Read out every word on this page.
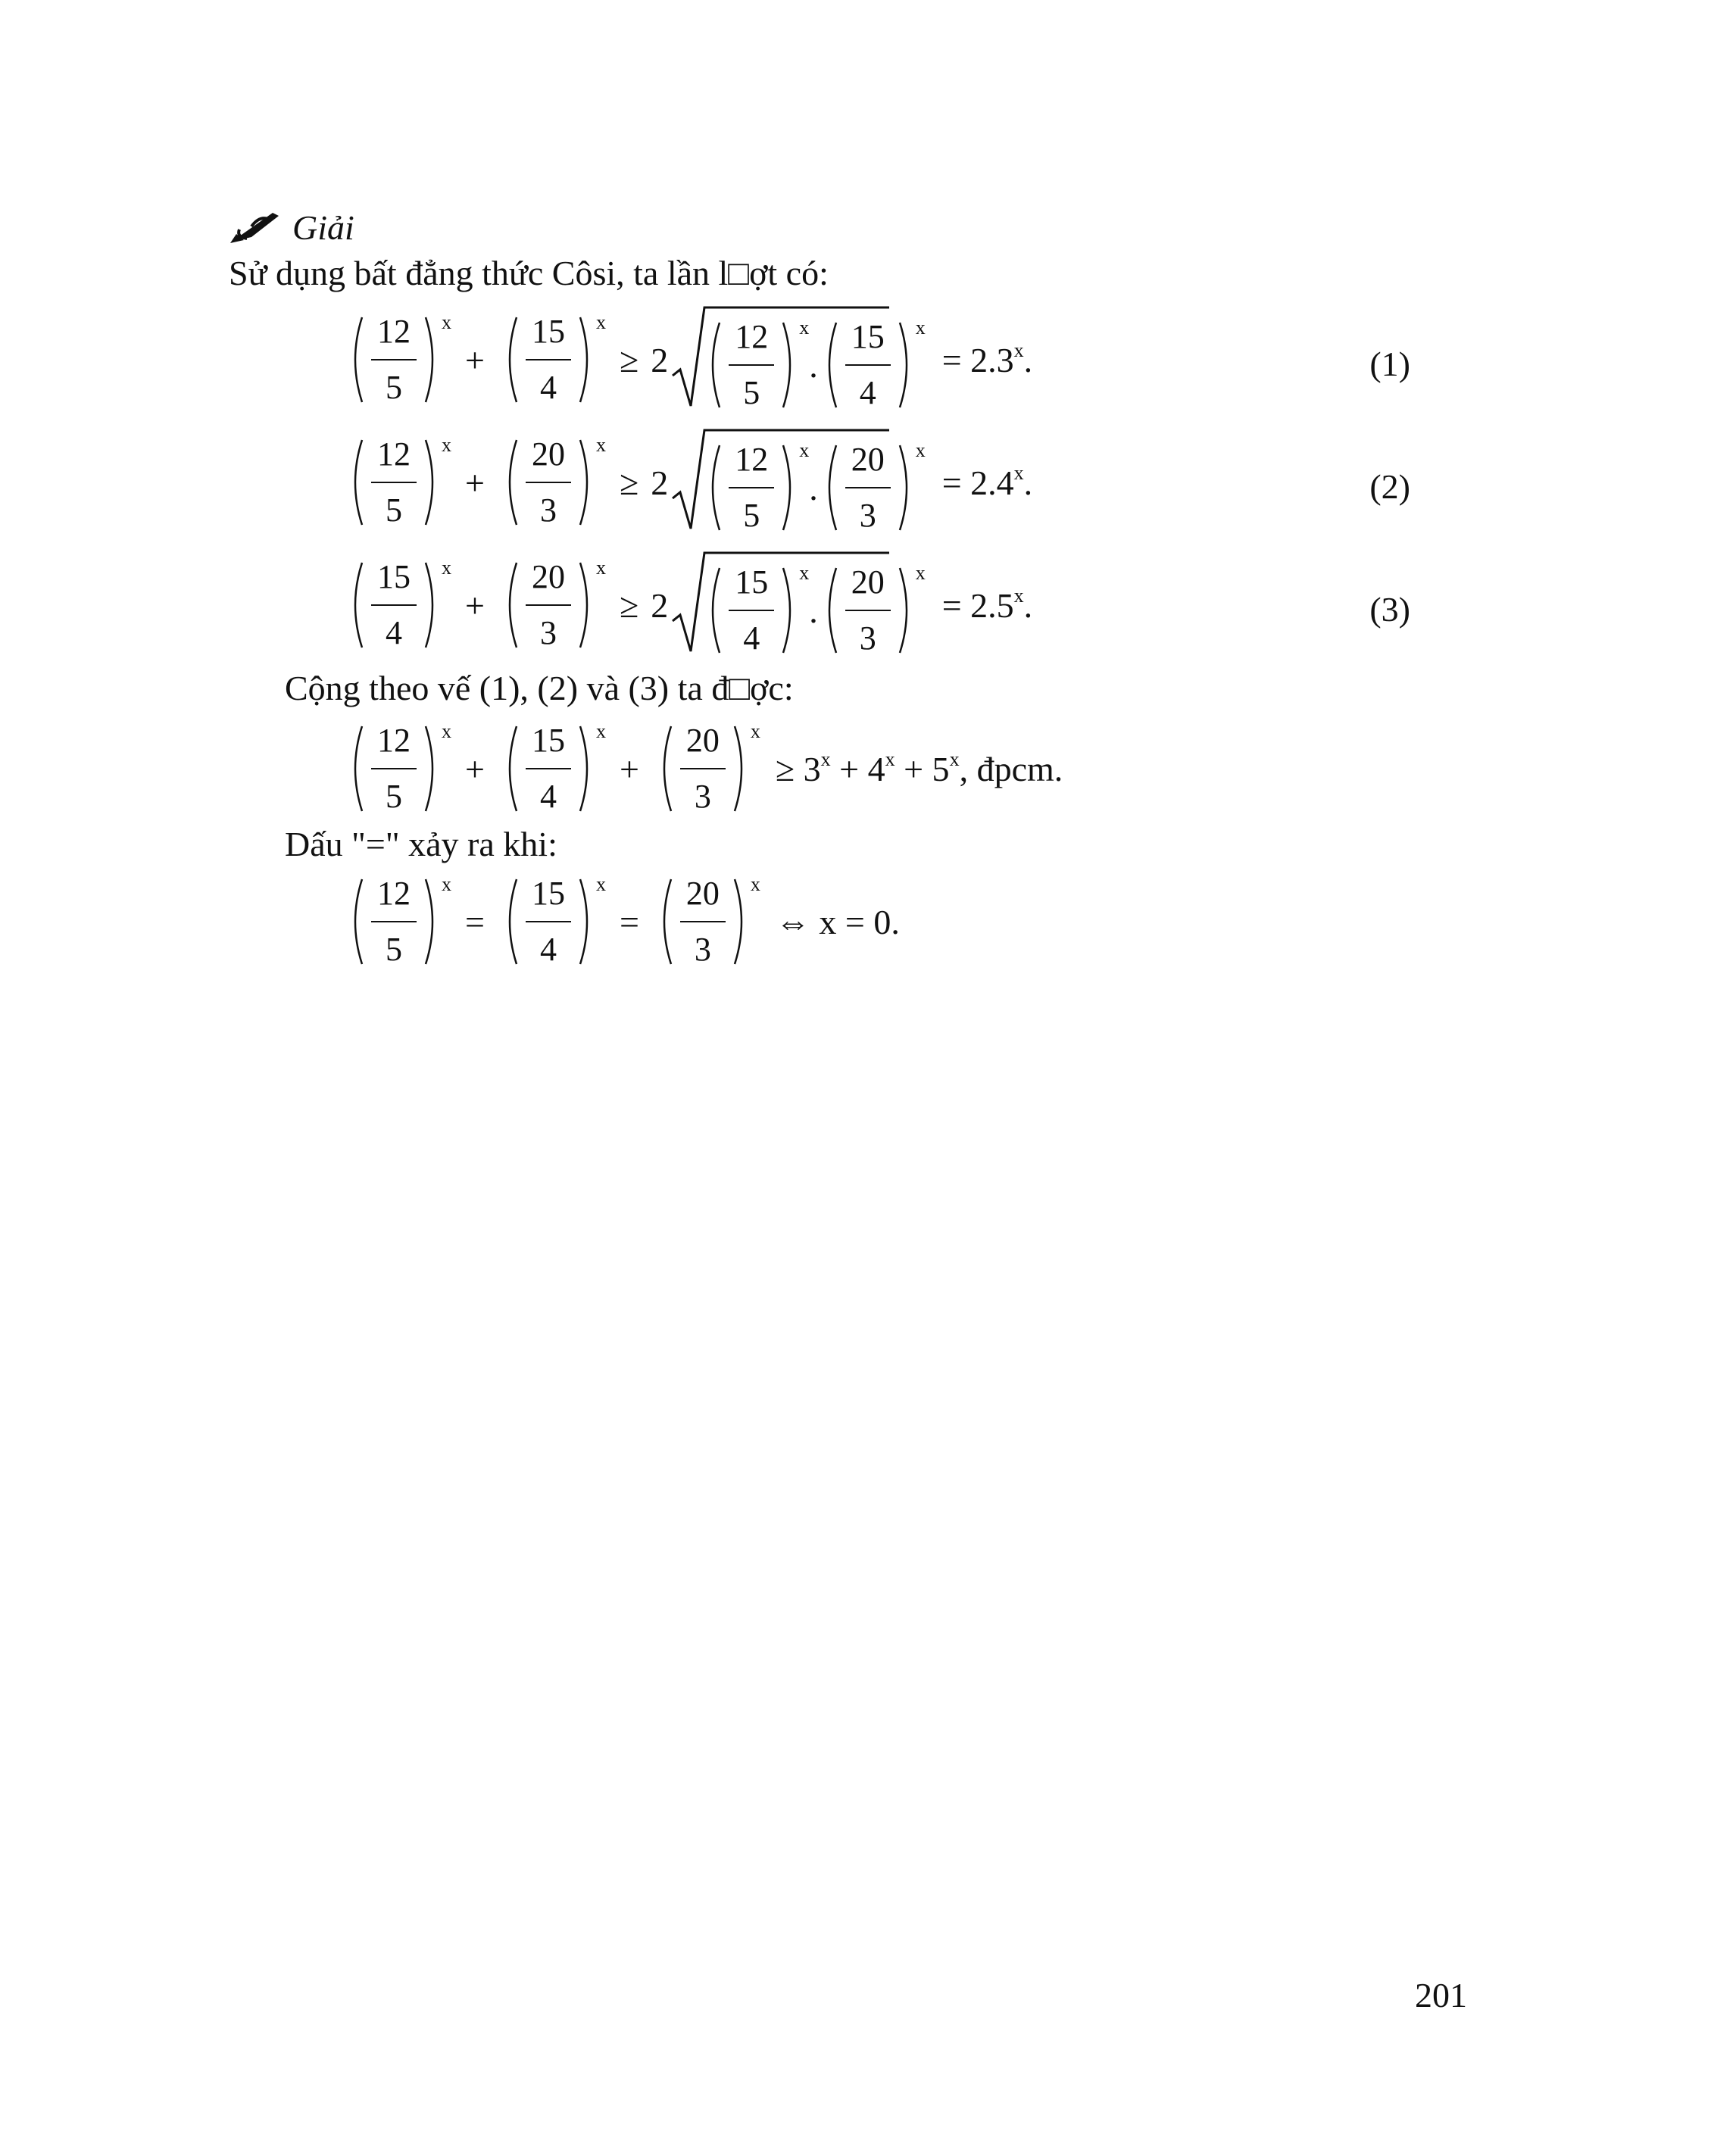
Giải
Sử dụng bất đẳng thức Côsi, ta lần l□ợt có:
$\frac{12}{5}$ x
+ $\frac{15}{4}$ x
≥ $2 \frac{12}{5}$ x
. $\frac{15}{4}$ x
= $2.3^x$.	(1)
$\frac{12}{5}$ x
+ $\frac{20}{3}$ x
≥ $2 \frac{12}{5}$ x
. $\frac{20}{3}$ x
= $2.4^x$.	(2)
$\frac{15}{4}$ x
+ $\frac{20}{3}$ x
≥ $2 \frac{15}{4}$ x
. $\frac{20}{3}$ x
= $2.5^x$.	(3)
Cộng theo vế (1), (2) và (3) ta đ□ợc:
$\frac{12}{5}$ x
+ $\frac{15}{4}$ x
+ $\frac{20}{3}$ x
≥ $3^x + 4^x + 5^x$, đpcm.
Dấu "=" xảy ra khi:
$\frac{12}{5}$ x
= $\frac{15}{4}$ x
= $\frac{20}{3}$ x
⇔ x = 0.
201
